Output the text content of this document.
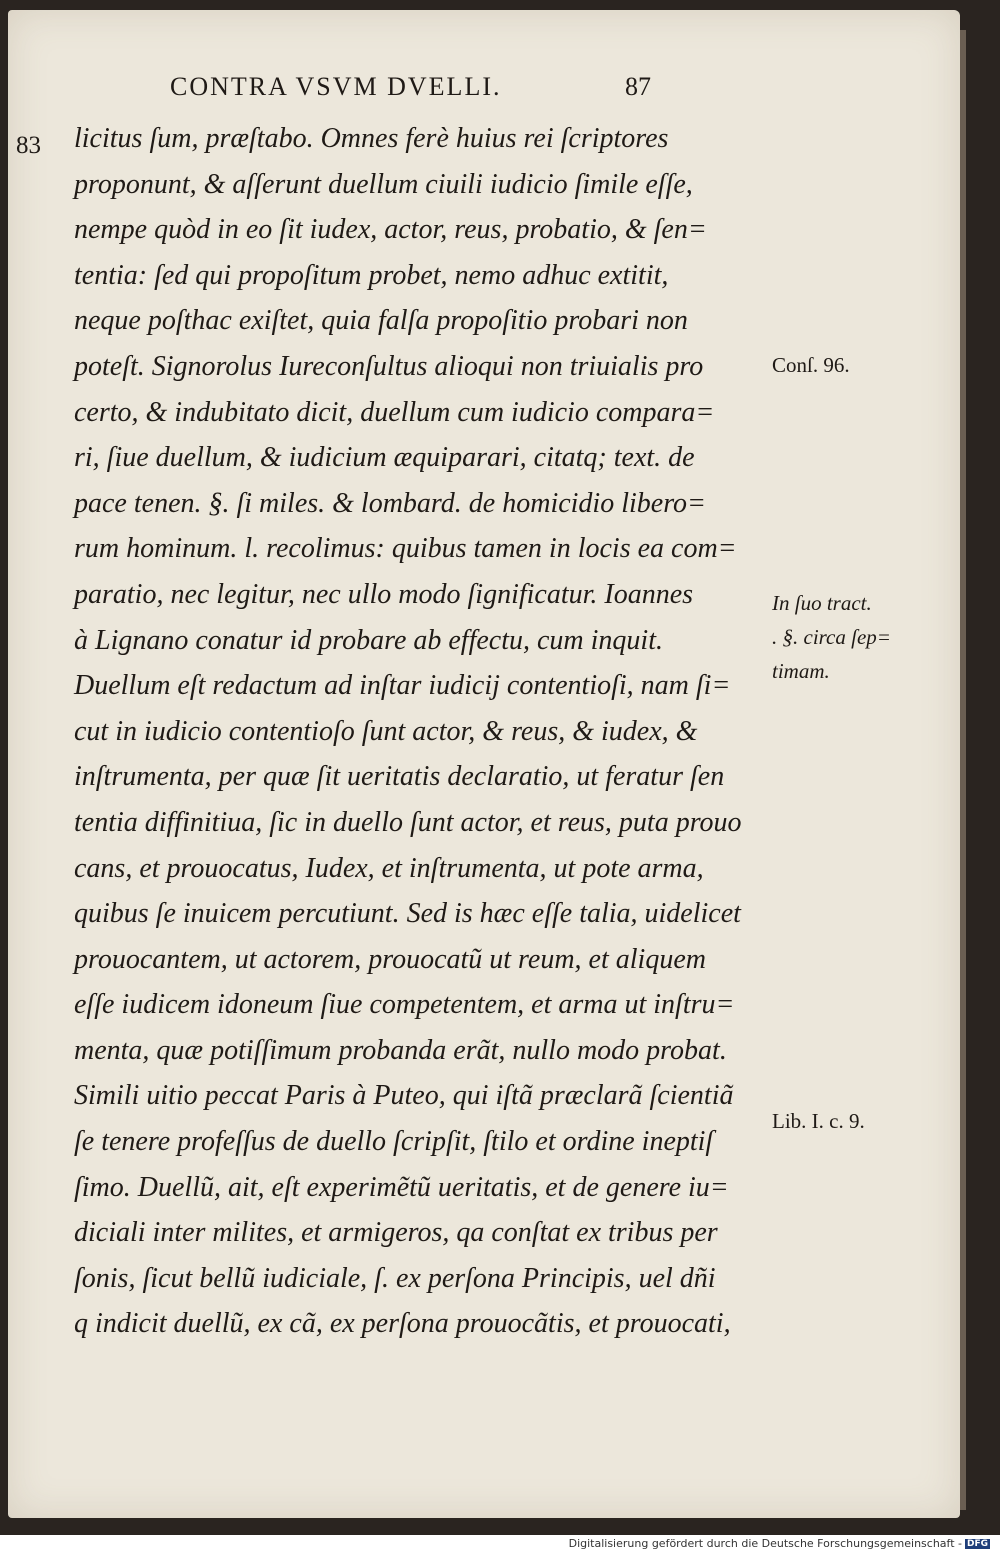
CONTRA VSVM DVELLI.	87
83 licitus ſum, præſtabo. Omnes ferè huius rei ſcriptores
proponunt, & aſſerunt duellum ciuili iudicio ſimile eſſe,
nempe quòd in eo ſit iudex, actor, reus, probatio, & ſen=
tentia: ſed qui propoſitum probet, nemo adhuc extitit,
neque poſthac exiſtet, quia falſa propoſitio probari non
poteſt. Signorolus Iureconſultus alioqui non triuialis pro
certo, & indubitato dicit, duellum cum iudicio compara=
ri, ſiue duellum, & iudicium æquiparari, citatq; text. de
pace tenen. §. ſi miles. & lombard. de homicidio libero=
rum hominum. l. recolimus: quibus tamen in locis ea com=
paratio, nec legitur, nec ullo modo ſignificatur. Ioannes
à Lignano conatur id probare ab effectu, cum inquit.
Duellum eſt redactum ad inſtar iudicij contentioſi, nam ſi=
cut in iudicio contentioſo ſunt actor, & reus, & iudex, &
inſtrumenta, per quæ ſit ueritatis declaratio, ut feratur ſen
tentia diffinitiua, ſic in duello ſunt actor, et reus, puta prouo
cans, et prouocatus, Iudex, et inſtrumenta, ut pote arma,
quibus ſe inuicem percutiunt. Sed is hæc eſſe talia, uidelicet
prouocantem, ut actorem, prouocatũ ut reum, et aliquem
eſſe iudicem idoneum ſiue competentem, et arma ut inſtru=
menta, quæ potiſſimum probanda erãt, nullo modo probat.
Simili uitio peccat Paris à Puteo, qui iſtã præclarã ſcientiã
ſe tenere profeſſus de duello ſcripſit, ſtilo et ordine ineptiſ
ſimo. Duellũ, ait, eſt experimẽtũ ueritatis, et de genere iu=
diciali inter milites, et armigeros, qa conſtat ex tribus per
ſonis, ſicut bellũ iudiciale, ſ. ex perſona Principis, uel dñi
q indicit duellũ, ex cã, ex perſona prouocãtis, et prouocati,
Conſ. 96.
In ſuo tract.
. §. circa ſep=
timam.
Lib. I. c. 9.
Digitalisierung gefördert durch die Deutsche Forschungsgemeinschaft - DFG
